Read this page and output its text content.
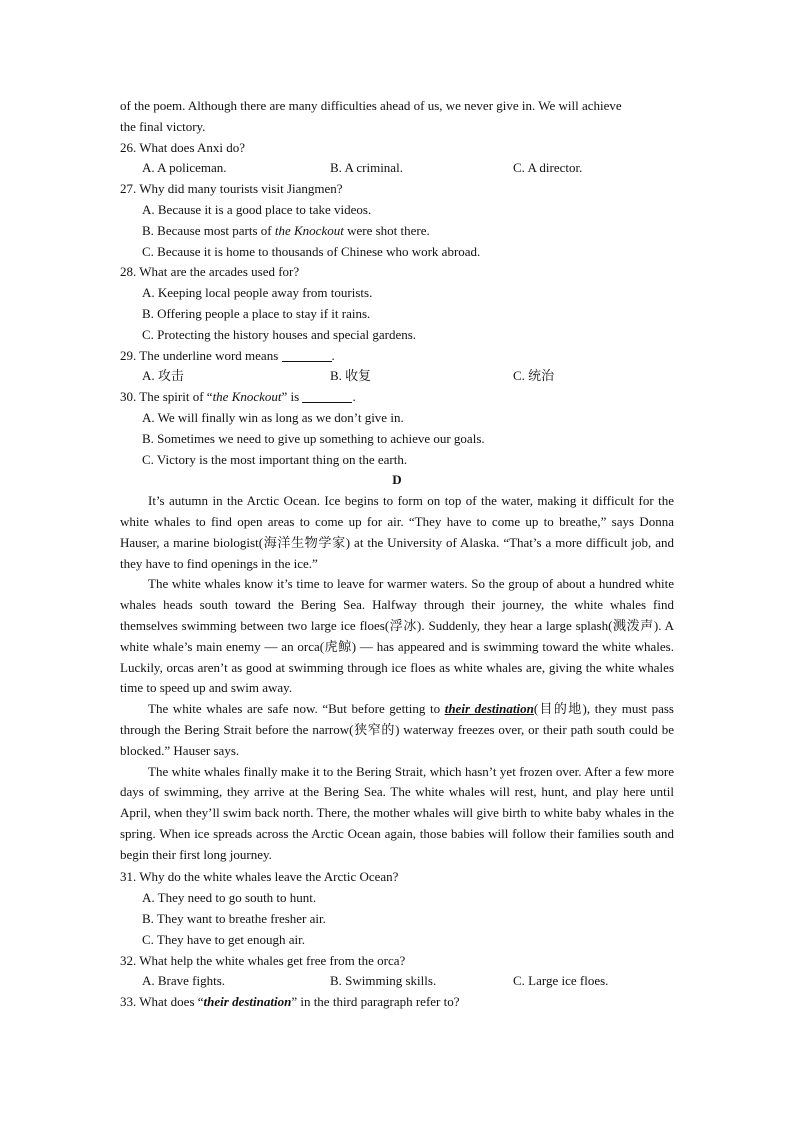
of the poem. Although there are many difficulties ahead of us, we never give in. We will achieve

the final victory.

26. What does Anxi do?

A. A policeman.	B. A criminal.	C. A director.

27. Why did many tourists visit Jiangmen?

A. Because it is a good place to take videos.

B. Because most parts of the Knockout were shot there.

C. Because it is home to thousands of Chinese who work abroad.

28. What are the arcades used for?

A. Keeping local people away from tourists.

B. Offering people a place to stay if it rains.

C. Protecting the history houses and special gardens.

29. The underline word means	.

A. 攻击	B. 收复	C. 统治

30. The spirit of “the Knockout” is	.

A. We will finally win as long as we don’t give in.

B. Sometimes we need to give up something to achieve our goals.

C. Victory is the most important thing on the earth.

D

It’s autumn in the Arctic Ocean. Ice begins to form on top of the water, making it difficult for the white whales to find open areas to come up for air. “They have to come up to breathe,” says Donna Hauser, a marine biologist(海洋生物学家) at the University of Alaska. “That’s a more difficult job, and they have to find openings in the ice.”

The white whales know it’s time to leave for warmer waters. So the group of about a hundred white whales heads south toward the Bering Sea. Halfway through their journey, the white whales find themselves swimming between two large ice floes(浮冰). Suddenly, they hear a large splash(溅泼声). A white whale’s main enemy — an orca(虎鲸) — has appeared and is swimming toward the white whales. Luckily, orcas aren’t as good at swimming through ice floes as white whales are, giving the white whales time to speed up and swim away.

The white whales are safe now. “But before getting to their destination(目的地), they must pass through the Bering Strait before the narrow(狭窄的) waterway freezes over, or their path south could be blocked.” Hauser says.

The white whales finally make it to the Bering Strait, which hasn’t yet frozen over. After a few more days of swimming, they arrive at the Bering Sea. The white whales will rest, hunt, and play here until April, when they’ll swim back north. There, the mother whales will give birth to white baby whales in the spring. When ice spreads across the Arctic Ocean again, those babies will follow their families south and begin their first long journey.

31. Why do the white whales leave the Arctic Ocean?

A. They need to go south to hunt.

B. They want to breathe fresher air.

C. They have to get enough air.

32. What help the white whales get free from the orca?

A. Brave fights.	B. Swimming skills.	C. Large ice floes.

33. What does “their destination” in the third paragraph refer to?
